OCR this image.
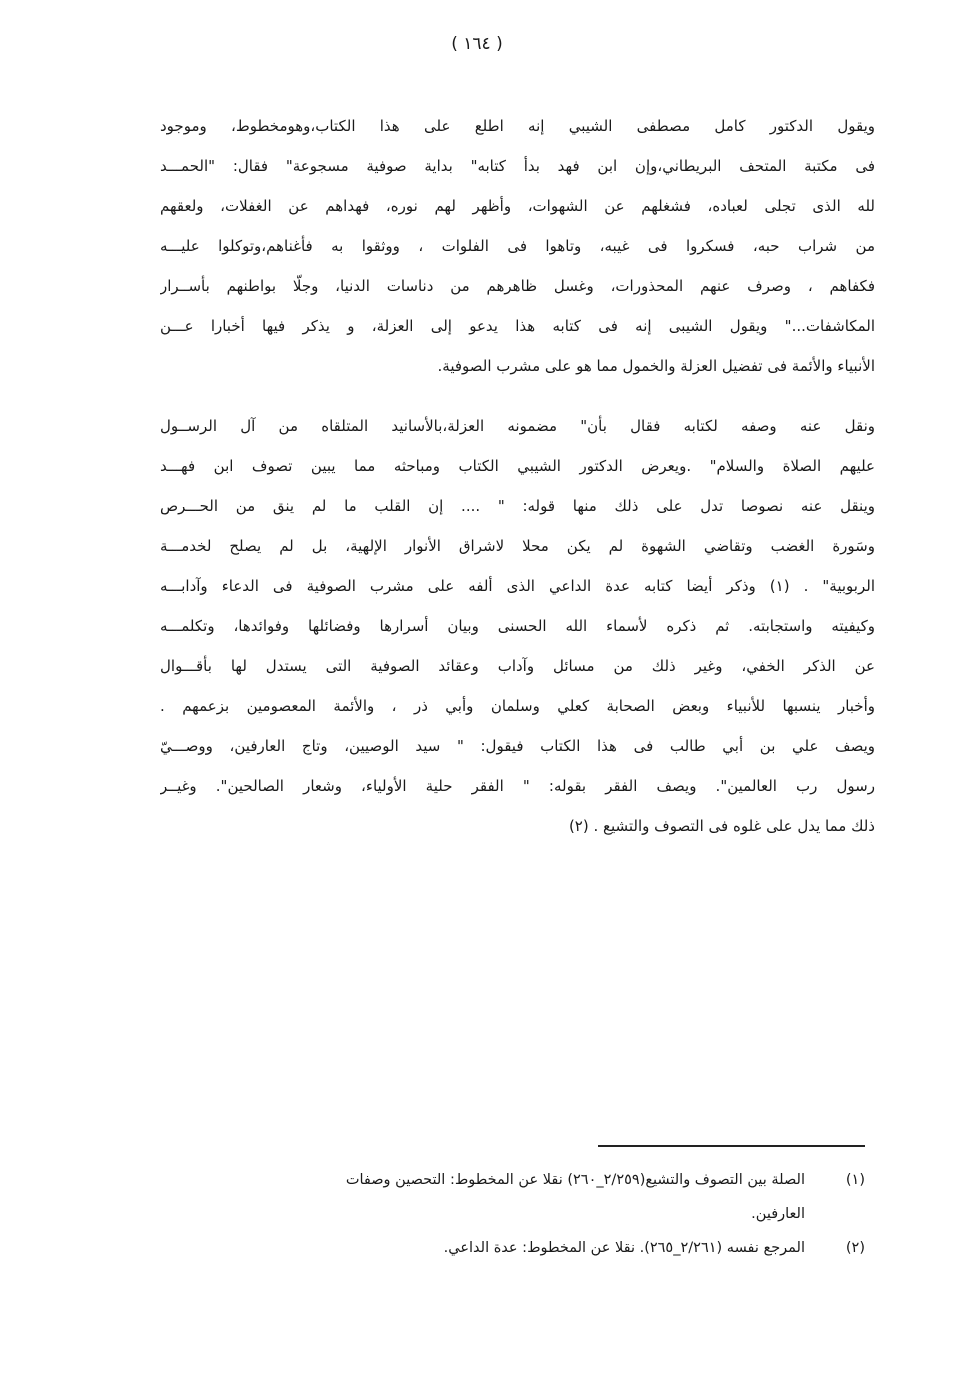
( ١٦٤ )
ويقول الدكتور كامل مصطفى الشيبي إنه اطلع على هذا الكتاب،وهومخطوط، وموجود
فى مكتبة المتحف البريطاني،وإن ابن فهد بدأ كتابه" بداية صوفية مسجوعة" فقال: "الحمـــد
لله الذى تجلى لعباده، فشغلهم عن الشهوات، وأظهر لهم نوره، فهداهم عن الغفلات، ولعقهم
من شراب حبه، فسكروا فى غيبه، وتاهوا فى الفلوات ، ووثقوا به فأغناهم،وتوكلوا عليـــه
فكفاهم ، وصرف عنهم المحذورات، وغسل ظاهرهم من دناسات الدنيا، وجلّا بواطنهم بأســرار
المكاشفات..." ويقول الشيبى إنه فى كتابه هذا يدعو إلى العزلة، و يذكر فيها أخبارا عـــن
الأنبياء والأئمة فى تفضيل العزلة والخمول مما هو على مشرب الصوفية.
ونقل عنه وصفه لكتابه فقال بأن" مضمونه العزلة،بالأسانيد المتلقاه من آل الرســول
عليهم الصلاة والسلام" .ويعرض الدكتور الشيبي الكتاب ومباحثه مما يبين تصوف ابن فهـــد
وينقل عنه نصوصا تدل على ذلك منها قوله: " .... إن القلب ما لم ينق من الحـــرص
وسَورة الغضب وتقاضي الشهوة لم يكن محلا لاشراق الأنوار الإلهية، بل لم يصلح لخدمـــة
الربوبية" . (١) وذكر أيضا كتابه عدة الداعي الذى ألفه على مشرب الصوفية فى الدعاء وآدابـــه
وكيفيته واستجابته. ثم ذكره لأسماء الله الحسنى وبيان أسرارها وفضائلها وفوائدها، وتكلمـــه
عن الذكر الخفي، وغير ذلك من مسائل وآداب وعقائد الصوفية التى يستدل لها بأقـــوال
وأخبار ينسبها للأنبياء وبعض الصحابة كعلي وسلمان وأبي ذر ، والأئمة المعصومين بزعمهم .
ويصف علي بن أبي طالب فى هذا الكتاب فيقول: " سيد الوصيين، وتاج العارفين، ووصـــيّ
رسول رب العالمين". ويصف الفقر بقوله: " الفقر حلية الأولياء، وشعار الصالحين". وغيــر
ذلك مما يدل على غلوه فى التصوف والتشيع . (٢)
(١)
الصلة بين التصوف والتشيع(٢/٢٥٩_٢٦٠) نقلا عن المخطوط: التحصين وصفات
العارفين.
(٢)
المرجع نفسه (٢/٢٦١_٢٦٥). نقلا عن المخطوط: عدة الداعي.
